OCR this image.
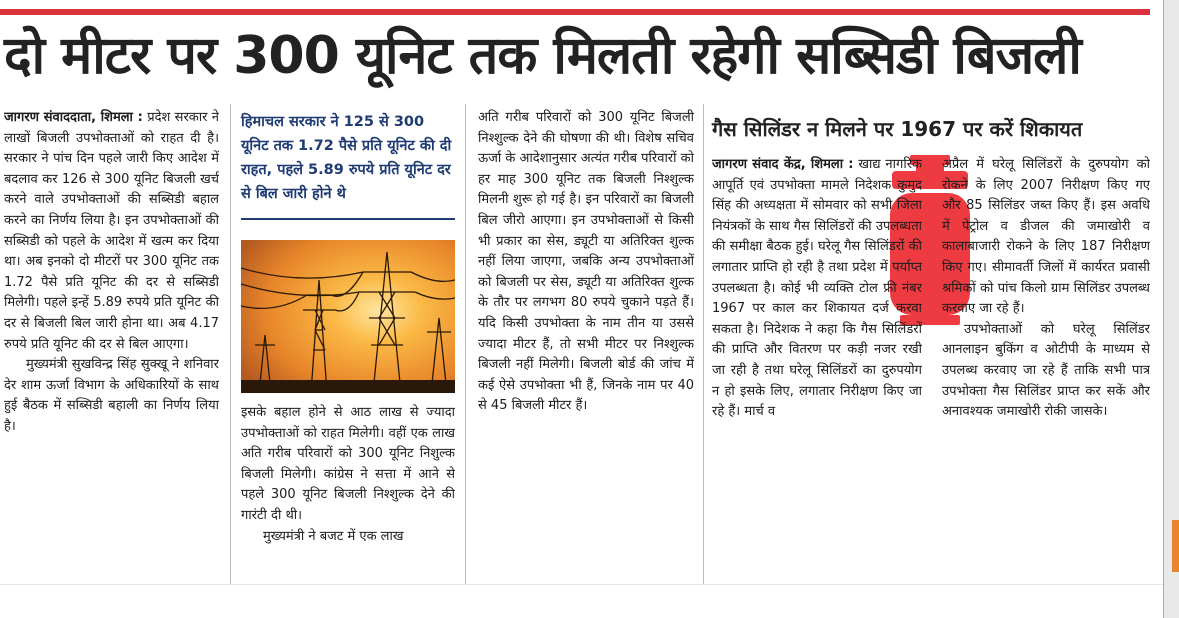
दो मीटर पर 300 यूनिट तक मिलती रहेगी सब्सिडी बिजली

जागरण संवाददाता, शिमला : प्रदेश सरकार ने लाखों बिजली उपभोक्ताओं को राहत दी है। सरकार ने पांच दिन पहले जारी किए आदेश में बदलाव कर 126 से 300 यूनिट बिजली खर्च करने वाले उपभोक्ताओं की सब्सिडी बहाल करने का निर्णय लिया है। इन उपभोक्ताओं की सब्सिडी को पहले के आदेश में खत्म कर दिया था। अब इनको दो मीटरों पर 300 यूनिट तक 1.72 पैसे प्रति यूनिट की दर से सब्सिडी मिलेगी। पहले इन्हें 5.89 रुपये प्रति यूनिट की दर से बिजली बिल जारी होना था। अब 4.17 रुपये प्रति यूनिट की दर से बिल आएगा।

मुख्यमंत्री सुखविन्द्र सिंह सुक्खू ने शनिवार देर शाम ऊर्जा विभाग के अधिकारियों के साथ हुई बैठक में सब्सिडी बहाली का निर्णय लिया है।

हिमाचल सरकार ने 125 से 300 यूनिट तक 1.72 पैसे प्रति यूनिट की दी राहत, पहले 5.89 रुपये प्रति यूनिट दर से बिल जारी होने थे

इसके बहाल होने से आठ लाख से ज्यादा उपभोक्ताओं को राहत मिलेगी। वहीं एक लाख अति गरीब परिवारों को 300 यूनिट निशुल्क बिजली मिलेगी। कांग्रेस ने सत्ता में आने से पहले 300 यूनिट बिजली निश्शुल्क देने की गारंटी दी थी।

मुख्यमंत्री ने बजट में एक लाख

अति गरीब परिवारों को 300 यूनिट बिजली निश्शुल्क देने की घोषणा की थी। विशेष सचिव ऊर्जा के आदेशानुसार अत्यंत गरीब परिवारों को हर माह 300 यूनिट तक बिजली निश्शुल्क मिलनी शुरू हो गई है। इन परिवारों का बिजली बिल जीरो आएगा। इन उपभोक्ताओं से किसी भी प्रकार का सेस, ड्यूटी या अतिरिक्त शुल्क नहीं लिया जाएगा, जबकि अन्य उपभोक्ताओं को बिजली पर सेस, ड्यूटी या अतिरिक्त शुल्क के तौर पर लगभग 80 रुपये चुकाने पड़ते हैं। यदि किसी उपभोक्ता के नाम तीन या उससे ज्यादा मीटर हैं, तो सभी मीटर पर निश्शुल्क बिजली नहीं मिलेगी। बिजली बोर्ड की जांच में कई ऐसे उपभोक्ता भी हैं, जिनके नाम पर 40 से 45 बिजली मीटर हैं।

गैस सिलिंडर न मिलने पर 1967 पर करें शिकायत

जागरण संवाद केंद्र, शिमला : खाद्य नागरिक आपूर्ति एवं उपभोक्ता मामले निदेशक कुमुद सिंह की अध्यक्षता में सोमवार को सभी जिला नियंत्रकों के साथ गैस सिलिंडरों की उपलब्धता की समीक्षा बैठक हुई। घरेलू गैस सिलिंडरों की लगातार प्राप्ति हो रही है तथा प्रदेश में पर्याप्त उपलब्धता है। कोई भी व्यक्ति टोल फ्री नंबर 1967 पर काल कर शिकायत दर्ज करवा सकता है। निदेशक ने कहा कि गैस सिलिंडरों की प्राप्ति और वितरण पर कड़ी नजर रखी जा रही है तथा घरेलू सिलिंडरों का दुरुपयोग न हो इसके लिए, लगातार निरीक्षण किए जा रहे हैं। मार्च व

अप्रैल में घरेलू सिलिंडरों के दुरुपयोग को रोकने के लिए 2007 निरीक्षण किए गए और 85 सिलिंडर जब्त किए हैं। इस अवधि में पेट्रोल व डीजल की जमाखोरी व कालाबाजारी रोकने के लिए 187 निरीक्षण किए गए। सीमावर्ती जिलों में कार्यरत प्रवासी श्रमिकों को पांच किलो ग्राम सिलिंडर उपलब्ध करवाए जा रहे हैं।

उपभोक्ताओं को घरेलू सिलिंडर आनलाइन बुकिंग व ओटीपी के माध्यम से उपलब्ध करवाए जा रहे हैं ताकि सभी पात्र उपभोक्ता गैस सिलिंडर प्राप्त कर सकें और अनावश्यक जमाखोरी रोकी जासके।
